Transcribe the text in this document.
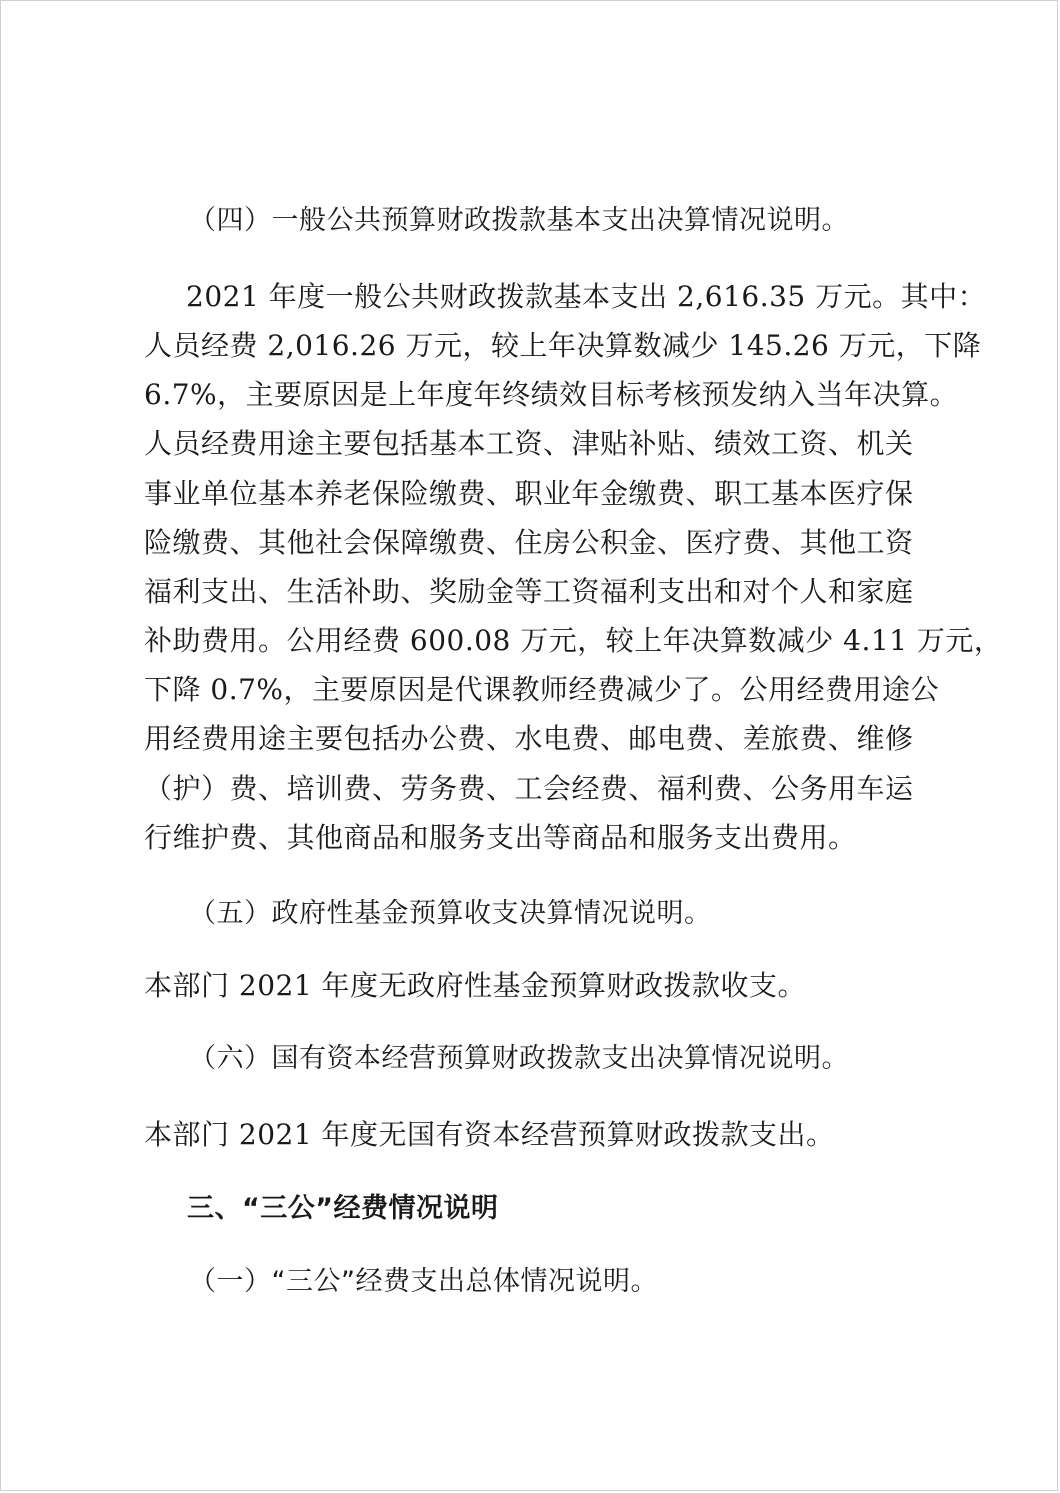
（四）一般公共预算财政拨款基本支出决算情况说明。
2021 年度一般公共财政拨款基本支出 2,616.35 万元。其中：
人员经费 2,016.26 万元，较上年决算数减少 145.26 万元，下降
6.7%，主要原因是上年度年终绩效目标考核预发纳入当年决算。
人员经费用途主要包括基本工资、津贴补贴、绩效工资、机关
事业单位基本养老保险缴费、职业年金缴费、职工基本医疗保
险缴费、其他社会保障缴费、住房公积金、医疗费、其他工资
福利支出、生活补助、奖励金等工资福利支出和对个人和家庭
补助费用。公用经费 600.08 万元，较上年决算数减少 4.11 万元，
下降 0.7%，主要原因是代课教师经费减少了。公用经费用途公
用经费用途主要包括办公费、水电费、邮电费、差旅费、维修
（护）费、培训费、劳务费、工会经费、福利费、公务用车运
行维护费、其他商品和服务支出等商品和服务支出费用。
（五）政府性基金预算收支决算情况说明。
本部门 2021 年度无政府性基金预算财政拨款收支。
（六）国有资本经营预算财政拨款支出决算情况说明。
本部门 2021 年度无国有资本经营预算财政拨款支出。
三、“三公”经费情况说明
（一）“三公”经费支出总体情况说明。
